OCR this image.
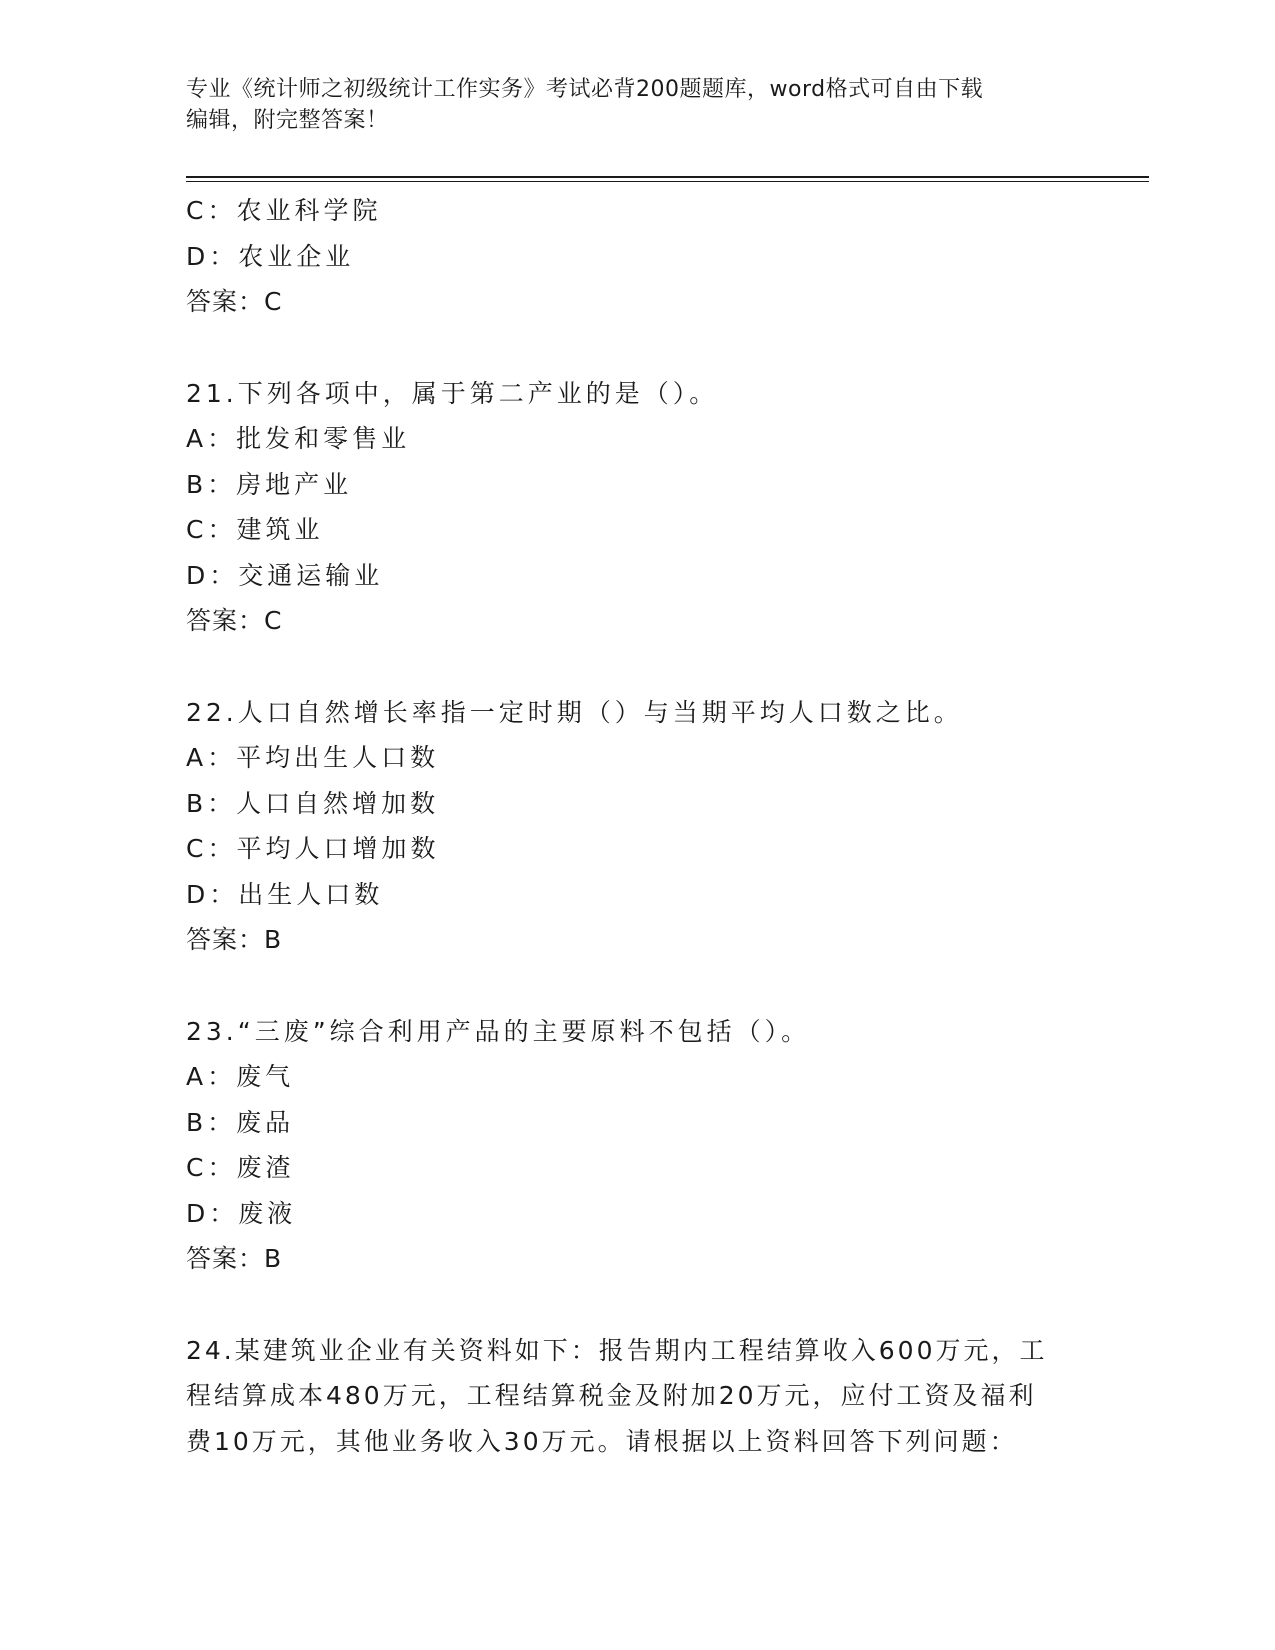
专业《统计师之初级统计工作实务》考试必背200题题库，word格式可自由下载
编辑，附完整答案！
C：农业科学院
D：农业企业
答案：C
21.下列各项中，属于第二产业的是（）。
A：批发和零售业
B：房地产业
C：建筑业
D：交通运输业
答案：C
22.人口自然增长率指一定时期（）与当期平均人口数之比。
A：平均出生人口数
B：人口自然增加数
C：平均人口增加数
D：出生人口数
答案：B
23.“三废”综合利用产品的主要原料不包括（）。
A：废气
B：废品
C：废渣
D：废液
答案：B
24.某建筑业企业有关资料如下：报告期内工程结算收入600万元，工
程结算成本480万元，工程结算税金及附加20万元，应付工资及福利
费10万元，其他业务收入30万元。请根据以上资料回答下列问题：
